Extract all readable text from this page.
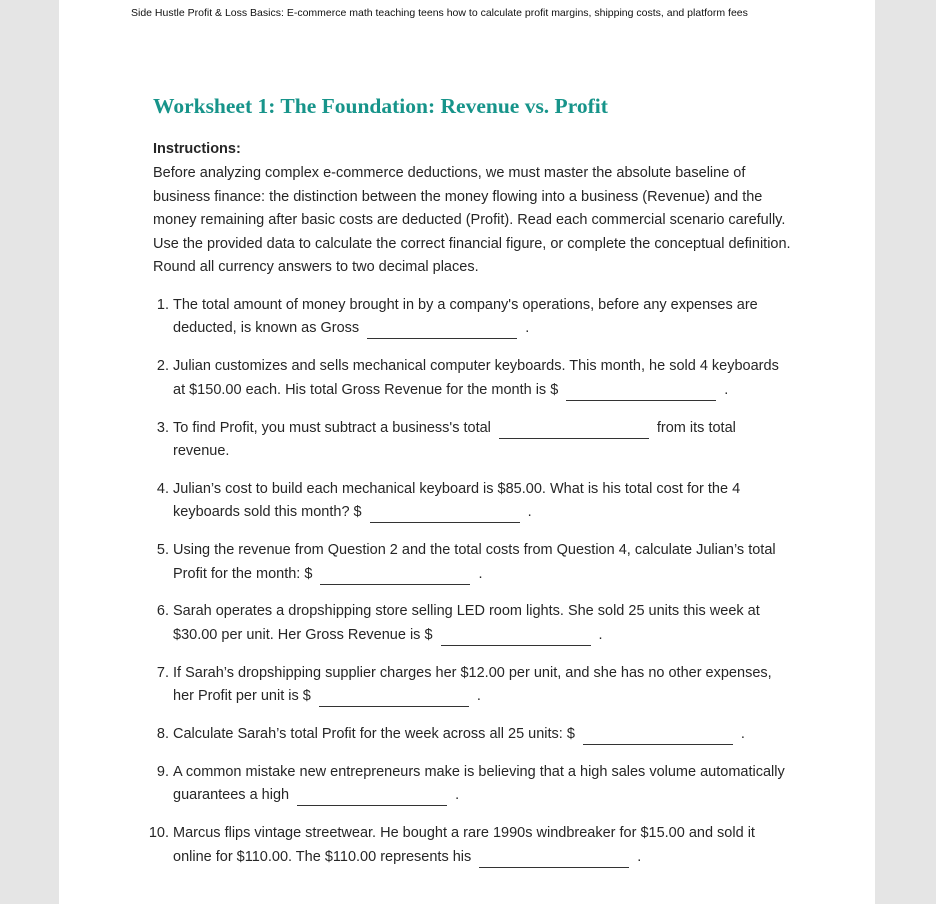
Side Hustle Profit & Loss Basics: E-commerce math teaching teens how to calculate profit margins, shipping costs, and platform fees
Worksheet 1: The Foundation: Revenue vs. Profit
Instructions:
Before analyzing complex e-commerce deductions, we must master the absolute baseline of business finance: the distinction between the money flowing into a business (Revenue) and the money remaining after basic costs are deducted (Profit). Read each commercial scenario carefully. Use the provided data to calculate the correct financial figure, or complete the conceptual definition. Round all currency answers to two decimal places.
1. The total amount of money brought in by a company's operations, before any expenses are deducted, is known as Gross	.
2. Julian customizes and sells mechanical computer keyboards. This month, he sold 4 keyboards at $150.00 each. His total Gross Revenue for the month is $	.
3. To find Profit, you must subtract a business's total	from its total revenue.
4. Julian’s cost to build each mechanical keyboard is $85.00. What is his total cost for the 4 keyboards sold this month? $	.
5. Using the revenue from Question 2 and the total costs from Question 4, calculate Julian’s total Profit for the month: $	.
6. Sarah operates a dropshipping store selling LED room lights. She sold 25 units this week at $30.00 per unit. Her Gross Revenue is $	.
7. If Sarah’s dropshipping supplier charges her $12.00 per unit, and she has no other expenses, her Profit per unit is $	.
8. Calculate Sarah’s total Profit for the week across all 25 units: $	.
9. A common mistake new entrepreneurs make is believing that a high sales volume automatically guarantees a high	.
10. Marcus flips vintage streetwear. He bought a rare 1990s windbreaker for $15.00 and sold it online for $110.00. The $110.00 represents his	.
